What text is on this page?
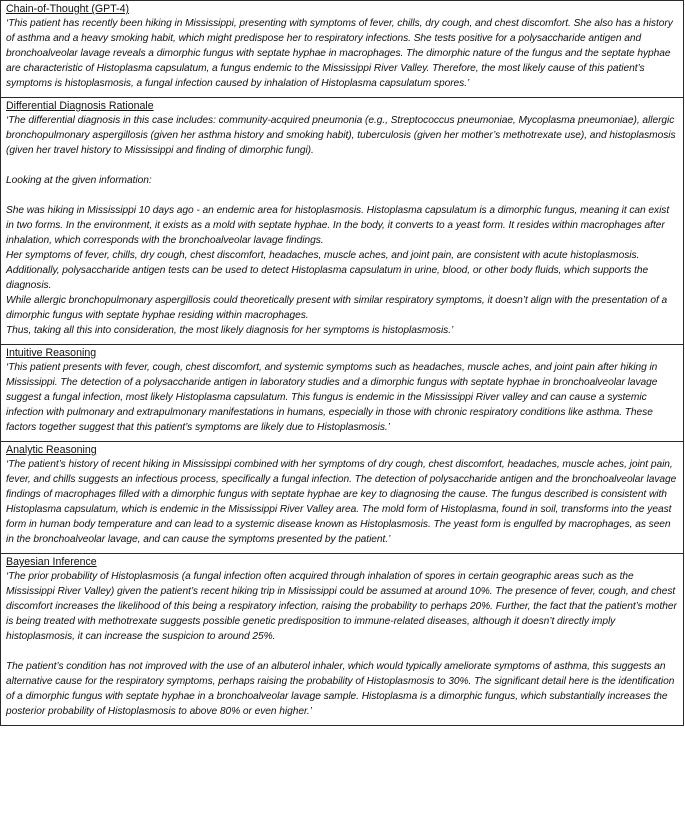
Chain-of-Thought (GPT-4)

‘This patient has recently been hiking in Mississippi, presenting with symptoms of fever, chills, dry cough, and chest discomfort. She also has a history of asthma and a heavy smoking habit, which might predispose her to respiratory infections. She tests positive for a polysaccharide antigen and bronchoalveolar lavage reveals a dimorphic fungus with septate hyphae in macrophages. The dimorphic nature of the fungus and the septate hyphae are characteristic of Histoplasma capsulatum, a fungus endemic to the Mississippi River Valley. Therefore, the most likely cause of this patient’s symptoms is histoplasmosis, a fungal infection caused by inhalation of Histoplasma capsulatum spores.’

Differential Diagnosis Rationale

‘The differential diagnosis in this case includes: community-acquired pneumonia (e.g., Streptococcus pneumoniae, Mycoplasma pneumoniae), allergic bronchopulmonary aspergillosis (given her asthma history and smoking habit), tuberculosis (given her mother’s methotrexate use), and histoplasmosis (given her travel history to Mississippi and finding of dimorphic fungi).

Looking at the given information:

She was hiking in Mississippi 10 days ago - an endemic area for histoplasmosis. Histoplasma capsulatum is a dimorphic fungus, meaning it can exist in two forms. In the environment, it exists as a mold with septate hyphae. In the body, it converts to a yeast form. It resides within macrophages after inhalation, which corresponds with the bronchoalveolar lavage findings.

Her symptoms of fever, chills, dry cough, chest discomfort, headaches, muscle aches, and joint pain, are consistent with acute histoplasmosis. Additionally, polysaccharide antigen tests can be used to detect Histoplasma capsulatum in urine, blood, or other body fluids, which supports the diagnosis.

While allergic bronchopulmonary aspergillosis could theoretically present with similar respiratory symptoms, it doesn’t align with the presentation of a dimorphic fungus with septate hyphae residing within macrophages.

Thus, taking all this into consideration, the most likely diagnosis for her symptoms is histoplasmosis.’

Intuitive Reasoning

‘This patient presents with fever, cough, chest discomfort, and systemic symptoms such as headaches, muscle aches, and joint pain after hiking in Mississippi. The detection of a polysaccharide antigen in laboratory studies and a dimorphic fungus with septate hyphae in bronchoalveolar lavage suggest a fungal infection, most likely Histoplasma capsulatum. This fungus is endemic in the Mississippi River valley and can cause a systemic infection with pulmonary and extrapulmonary manifestations in humans, especially in those with chronic respiratory conditions like asthma. These factors together suggest that this patient’s symptoms are likely due to Histoplasmosis.’

Analytic Reasoning

‘The patient’s history of recent hiking in Mississippi combined with her symptoms of dry cough, chest discomfort, headaches, muscle aches, joint pain, fever, and chills suggests an infectious process, specifically a fungal infection. The detection of polysaccharide antigen and the bronchoalveolar lavage findings of macrophages filled with a dimorphic fungus with septate hyphae are key to diagnosing the cause. The fungus described is consistent with Histoplasma capsulatum, which is endemic in the Mississippi River Valley area. The mold form of Histoplasma, found in soil, transforms into the yeast form in human body temperature and can lead to a systemic disease known as Histoplasmosis. The yeast form is engulfed by macrophages, as seen in the bronchoalveolar lavage, and can cause the symptoms presented by the patient.’

Bayesian Inference

‘The prior probability of Histoplasmosis (a fungal infection often acquired through inhalation of spores in certain geographic areas such as the Mississippi River Valley) given the patient’s recent hiking trip in Mississippi could be assumed at around 10%. The presence of fever, cough, and chest discomfort increases the likelihood of this being a respiratory infection, raising the probability to perhaps 20%. Further, the fact that the patient’s mother is being treated with methotrexate suggests possible genetic predisposition to immune-related diseases, although it doesn’t directly imply histoplasmosis, it can increase the suspicion to around 25%.

The patient’s condition has not improved with the use of an albuterol inhaler, which would typically ameliorate symptoms of asthma, this suggests an alternative cause for the respiratory symptoms, perhaps raising the probability of Histoplasmosis to 30%. The significant detail here is the identification of a dimorphic fungus with septate hyphae in a bronchoalveolar lavage sample. Histoplasma is a dimorphic fungus, which substantially increases the posterior probability of Histoplasmosis to above 80% or even higher.’
